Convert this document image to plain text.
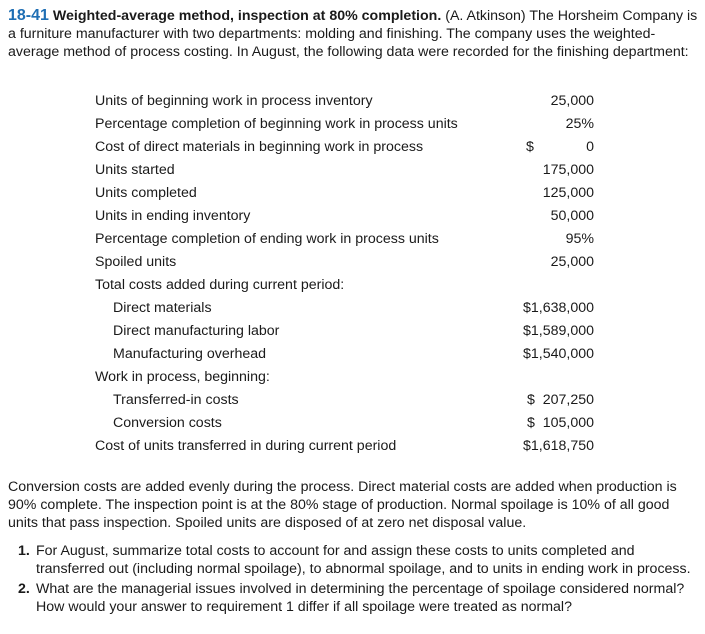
18-41 Weighted-average method, inspection at 80% completion. (A. Atkinson) The Horsheim Company is a furniture manufacturer with two departments: molding and finishing. The company uses the weighted-average method of process costing. In August, the following data were recorded for the finishing department:
Units of beginning work in process inventory	25,000
Percentage completion of beginning work in process units	25%
Cost of direct materials in beginning work in process	$	0
Units started	175,000
Units completed	125,000
Units in ending inventory	50,000
Percentage completion of ending work in process units	95%
Spoiled units	25,000
Total costs added during current period:
Direct materials	$1,638,000
Direct manufacturing labor	$1,589,000
Manufacturing overhead	$1,540,000
Work in process, beginning:
Transferred-in costs	$  207,250
Conversion costs	$  105,000
Cost of units transferred in during current period	$1,618,750
Conversion costs are added evenly during the process. Direct material costs are added when production is 90% complete. The inspection point is at the 80% stage of production. Normal spoilage is 10% of all good units that pass inspection. Spoiled units are disposed of at zero net disposal value.
1. For August, summarize total costs to account for and assign these costs to units completed and transferred out (including normal spoilage), to abnormal spoilage, and to units in ending work in process.
2. What are the managerial issues involved in determining the percentage of spoilage considered normal? How would your answer to requirement 1 differ if all spoilage were treated as normal?
